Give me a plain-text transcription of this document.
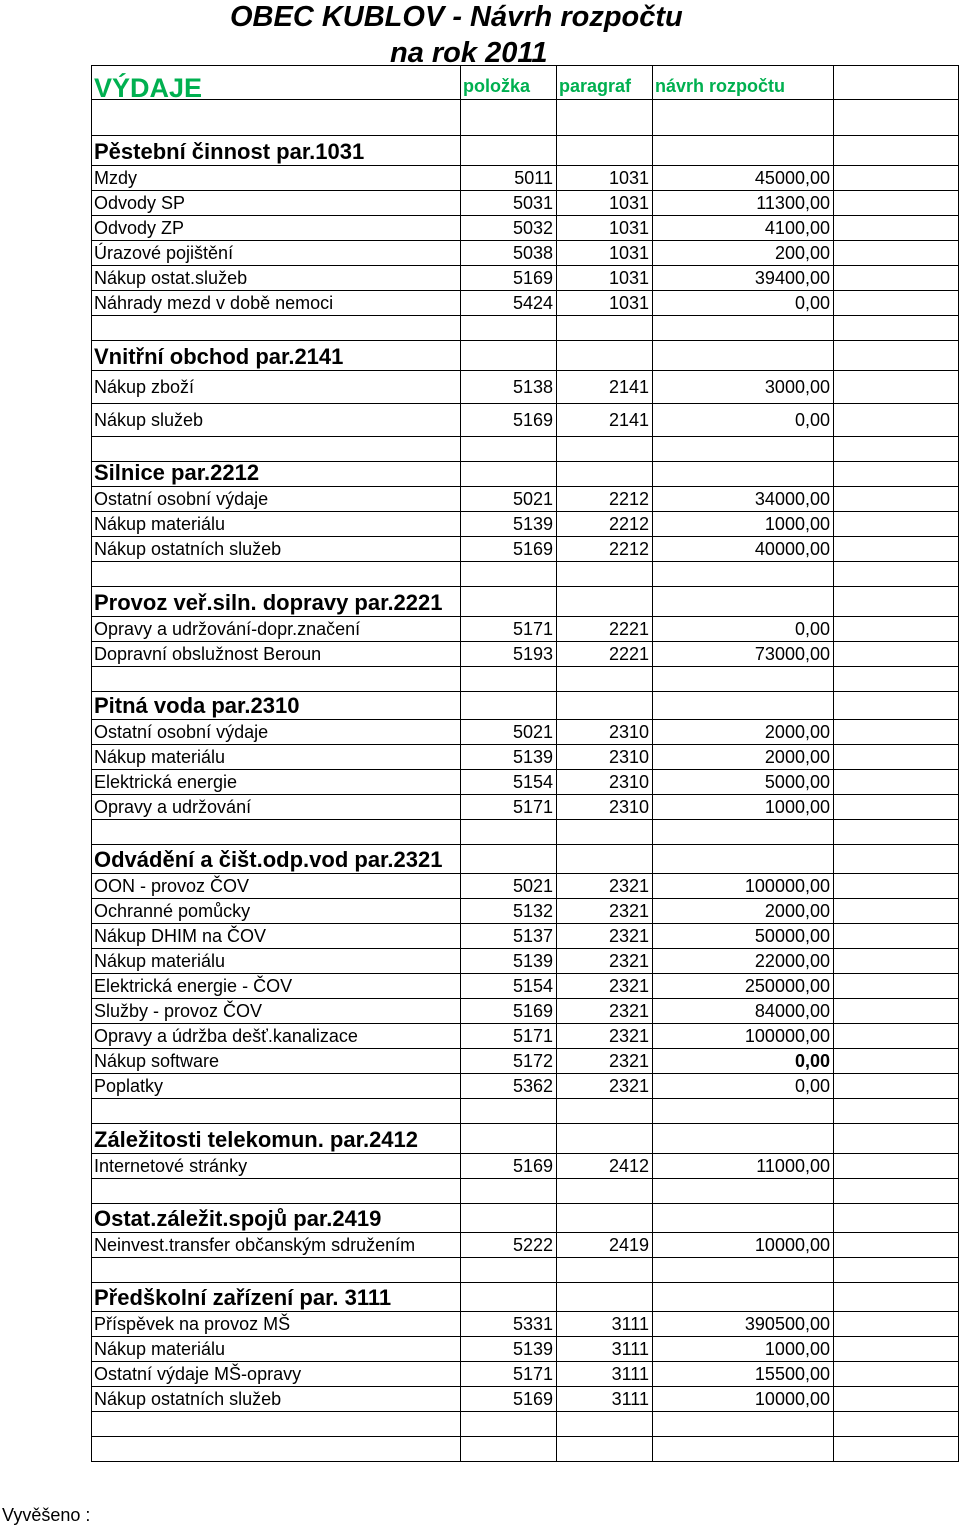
OBEC KUBLOV - Návrh rozpočtu
na rok 2011
VÝDAJE	položka	paragraf	návrh rozpočtu	

Pěstební činnost par.1031				
Mzdy	5011	1031	45000,00	
Odvody SP	5031	1031	11300,00	
Odvody ZP	5032	1031	4100,00	
Úrazové pojištění	5038	1031	200,00	
Nákup ostat.služeb	5169	1031	39400,00	
Náhrady mezd v době nemoci	5424	1031	0,00	

Vnitřní obchod par.2141				
Nákup zboží	5138	2141	3000,00	
Nákup služeb	5169	2141	0,00	

Silnice par.2212				
Ostatní osobní výdaje	5021	2212	34000,00	
Nákup materiálu	5139	2212	1000,00	
Nákup ostatních služeb	5169	2212	40000,00	

Provoz veř.siln. dopravy par.2221				
Opravy a udržování-dopr.značení	5171	2221	0,00	
Dopravní obslužnost Beroun	5193	2221	73000,00	

Pitná voda par.2310				
Ostatní osobní výdaje	5021	2310	2000,00	
Nákup materiálu	5139	2310	2000,00	
Elektrická energie	5154	2310	5000,00	
Opravy a udržování	5171	2310	1000,00	

Odvádění a čišt.odp.vod par.2321				
OON - provoz ČOV	5021	2321	100000,00	
Ochranné pomůcky	5132	2321	2000,00	
Nákup DHIM na ČOV	5137	2321	50000,00	
Nákup materiálu	5139	2321	22000,00	
Elektrická energie - ČOV	5154	2321	250000,00	
Služby - provoz ČOV	5169	2321	84000,00	
Opravy a údržba dešť.kanalizace	5171	2321	100000,00	
Nákup software	5172	2321	0,00	
Poplatky	5362	2321	0,00	

Záležitosti telekomun. par.2412				
Internetové stránky	5169	2412	11000,00	

Ostat.záležit.spojů par.2419				
Neinvest.transfer občanským sdružením	5222	2419	10000,00	

Předškolní zařízení par. 3111				
Příspěvek na provoz MŠ	5331	3111	390500,00	
Nákup materiálu	5139	3111	1000,00	
Ostatní výdaje MŠ-opravy	5171	3111	15500,00	
Nákup ostatních služeb	5169	3111	10000,00	

Vyvěšeno :
